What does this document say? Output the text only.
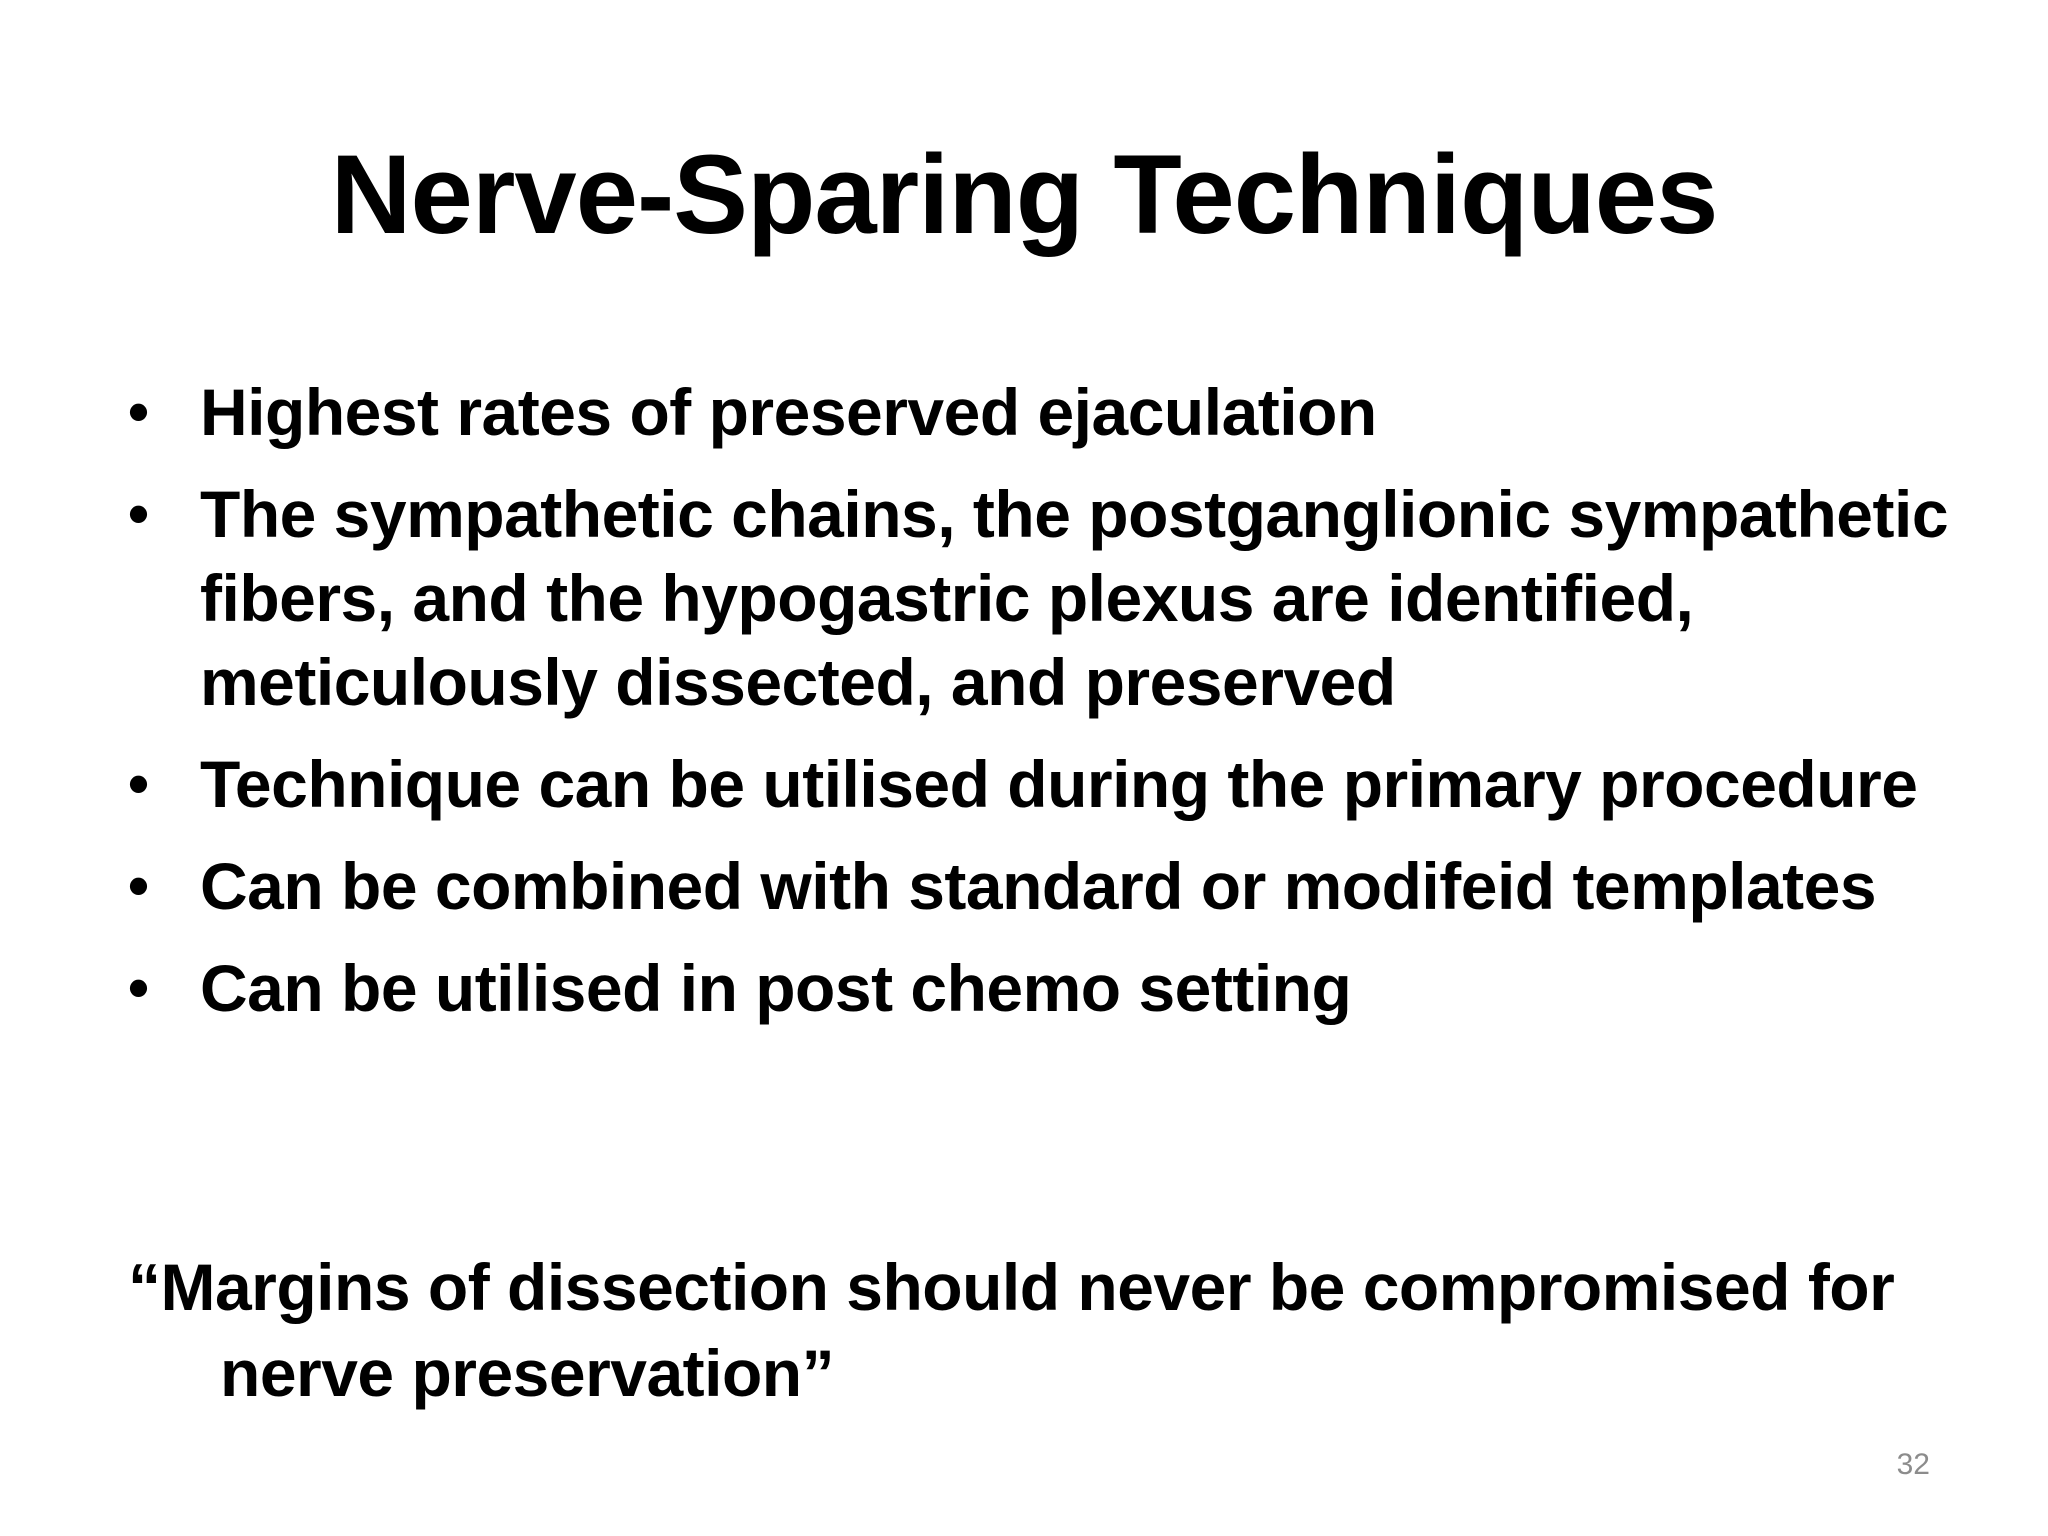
Nerve-Sparing Techniques
• Highest rates of preserved ejaculation
• The sympathetic chains, the postganglionic sympathetic fibers, and the hypogastric plexus are identified, meticulously dissected, and preserved
• Technique can be utilised during the primary procedure
• Can be combined with standard or modifeid templates
• Can be utilised in post chemo setting
“Margins of dissection should never be compromised for nerve preservation”
32
